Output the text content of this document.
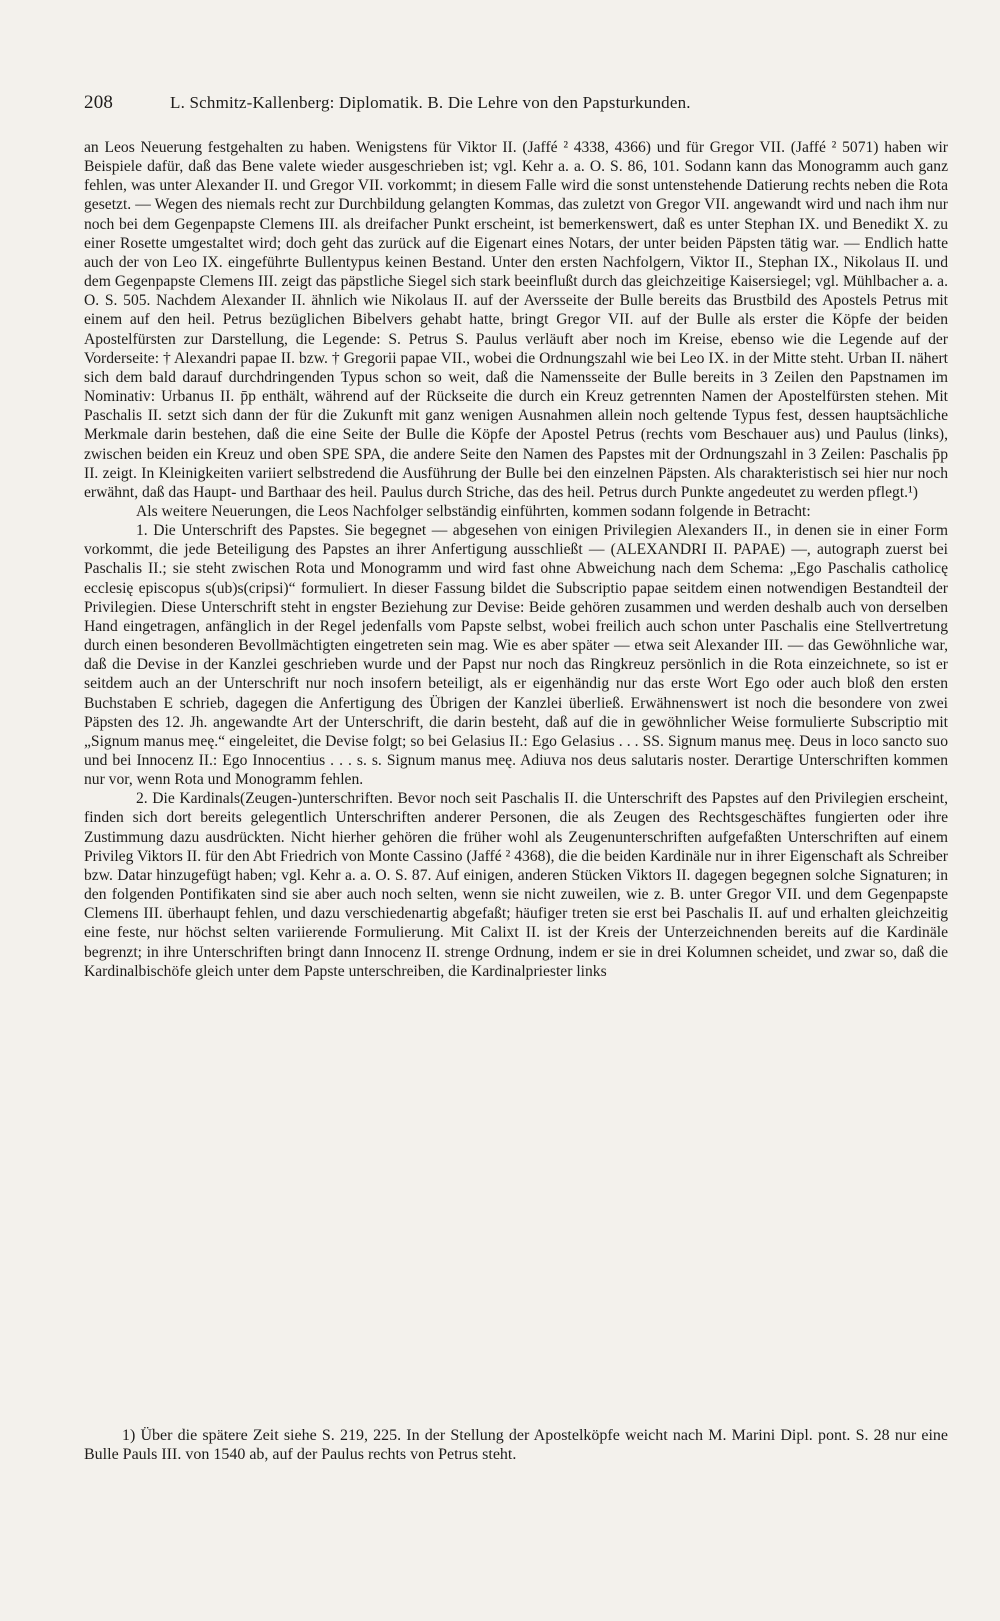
208	L. Schmitz-Kallenberg: Diplomatik. B. Die Lehre von den Papsturkunden.

an Leos Neuerung festgehalten zu haben. Wenigstens für Viktor II. (Jaffé ² 4338, 4366) und für Gregor VII. (Jaffé ² 5071) haben wir Beispiele dafür, daß das Bene valete wieder ausgeschrieben ist; vgl. Kehr a. a. O. S. 86, 101. Sodann kann das Monogramm auch ganz fehlen, was unter Alexander II. und Gregor VII. vorkommt; in diesem Falle wird die sonst untenstehende Datierung rechts neben die Rota gesetzt. — Wegen des niemals recht zur Durchbildung gelangten Kommas, das zuletzt von Gregor VII. angewandt wird und nach ihm nur noch bei dem Gegenpapste Clemens III. als dreifacher Punkt erscheint, ist bemerkenswert, daß es unter Stephan IX. und Benedikt X. zu einer Rosette umgestaltet wird; doch geht das zurück auf die Eigenart eines Notars, der unter beiden Päpsten tätig war. — Endlich hatte auch der von Leo IX. eingeführte Bullentypus keinen Bestand. Unter den ersten Nachfolgern, Viktor II., Stephan IX., Nikolaus II. und dem Gegenpapste Clemens III. zeigt das päpstliche Siegel sich stark beeinflußt durch das gleichzeitige Kaisersiegel; vgl. Mühlbacher a. a. O. S. 505. Nachdem Alexander II. ähnlich wie Nikolaus II. auf der Aversseite der Bulle bereits das Brustbild des Apostels Petrus mit einem auf den heil. Petrus bezüglichen Bibelvers gehabt hatte, bringt Gregor VII. auf der Bulle als erster die Köpfe der beiden Apostelfürsten zur Darstellung, die Legende: S. Petrus S. Paulus verläuft aber noch im Kreise, ebenso wie die Legende auf der Vorderseite: † Alexandri papae II. bzw. † Gregorii papae VII., wobei die Ordnungszahl wie bei Leo IX. in der Mitte steht. Urban II. nähert sich dem bald darauf durchdringenden Typus schon so weit, daß die Namensseite der Bulle bereits in 3 Zeilen den Papstnamen im Nominativ: Urbanus II. p̄p enthält, während auf der Rückseite die durch ein Kreuz getrennten Namen der Apostelfürsten stehen. Mit Paschalis II. setzt sich dann der für die Zukunft mit ganz wenigen Ausnahmen allein noch geltende Typus fest, dessen hauptsächliche Merkmale darin bestehen, daß die eine Seite der Bulle die Köpfe der Apostel Petrus (rechts vom Beschauer aus) und Paulus (links), zwischen beiden ein Kreuz und oben SPE SPA, die andere Seite den Namen des Papstes mit der Ordnungszahl in 3 Zeilen: Paschalis p̄p II. zeigt. In Kleinigkeiten variiert selbstredend die Ausführung der Bulle bei den einzelnen Päpsten. Als charakteristisch sei hier nur noch erwähnt, daß das Haupt- und Barthaar des heil. Paulus durch Striche, das des heil. Petrus durch Punkte angedeutet zu werden pflegt.¹)

Als weitere Neuerungen, die Leos Nachfolger selbständig einführten, kommen sodann folgende in Betracht:

1. Die Unterschrift des Papstes. Sie begegnet — abgesehen von einigen Privilegien Alexanders II., in denen sie in einer Form vorkommt, die jede Beteiligung des Papstes an ihrer Anfertigung ausschließt — (ALEXANDRI II. PAPAE) —, autograph zuerst bei Paschalis II.; sie steht zwischen Rota und Monogramm und wird fast ohne Abweichung nach dem Schema: „Ego Paschalis catholicę ecclesię episcopus s(ub)s(cripsi)“ formuliert. In dieser Fassung bildet die Subscriptio papae seitdem einen notwendigen Bestandteil der Privilegien. Diese Unterschrift steht in engster Beziehung zur Devise: Beide gehören zusammen und werden deshalb auch von derselben Hand eingetragen, anfänglich in der Regel jedenfalls vom Papste selbst, wobei freilich auch schon unter Paschalis eine Stellvertretung durch einen besonderen Bevollmächtigten eingetreten sein mag. Wie es aber später — etwa seit Alexander III. — das Gewöhnliche war, daß die Devise in der Kanzlei geschrieben wurde und der Papst nur noch das Ringkreuz persönlich in die Rota einzeichnete, so ist er seitdem auch an der Unterschrift nur noch insofern beteiligt, als er eigenhändig nur das erste Wort Ego oder auch bloß den ersten Buchstaben E schrieb, dagegen die Anfertigung des Übrigen der Kanzlei überließ. Erwähnenswert ist noch die besondere von zwei Päpsten des 12. Jh. angewandte Art der Unterschrift, die darin besteht, daß auf die in gewöhnlicher Weise formulierte Subscriptio mit „Signum manus meę.“ eingeleitet, die Devise folgt; so bei Gelasius II.: Ego Gelasius . . . SS. Signum manus meę. Deus in loco sancto suo und bei Innocenz II.: Ego Innocentius . . . s. s. Signum manus meę. Adiuva nos deus salutaris noster. Derartige Unterschriften kommen nur vor, wenn Rota und Monogramm fehlen.

2. Die Kardinals(Zeugen-)unterschriften. Bevor noch seit Paschalis II. die Unterschrift des Papstes auf den Privilegien erscheint, finden sich dort bereits gelegentlich Unterschriften anderer Personen, die als Zeugen des Rechtsgeschäftes fungierten oder ihre Zustimmung dazu ausdrückten. Nicht hierher gehören die früher wohl als Zeugenunterschriften aufgefaßten Unterschriften auf einem Privileg Viktors II. für den Abt Friedrich von Monte Cassino (Jaffé ² 4368), die die beiden Kardinäle nur in ihrer Eigenschaft als Schreiber bzw. Datar hinzugefügt haben; vgl. Kehr a. a. O. S. 87. Auf einigen, anderen Stücken Viktors II. dagegen begegnen solche Signaturen; in den folgenden Pontifikaten sind sie aber auch noch selten, wenn sie nicht zuweilen, wie z. B. unter Gregor VII. und dem Gegenpapste Clemens III. überhaupt fehlen, und dazu verschiedenartig abgefaßt; häufiger treten sie erst bei Paschalis II. auf und erhalten gleichzeitig eine feste, nur höchst selten variierende Formulierung. Mit Calixt II. ist der Kreis der Unterzeichnenden bereits auf die Kardinäle begrenzt; in ihre Unterschriften bringt dann Innocenz II. strenge Ordnung, indem er sie in drei Kolumnen scheidet, und zwar so, daß die Kardinalbischöfe gleich unter dem Papste unterschreiben, die Kardinalpriester links

1) Über die spätere Zeit siehe S. 219, 225. In der Stellung der Apostelköpfe weicht nach M. Marini Dipl. pont. S. 28 nur eine Bulle Pauls III. von 1540 ab, auf der Paulus rechts von Petrus steht.
